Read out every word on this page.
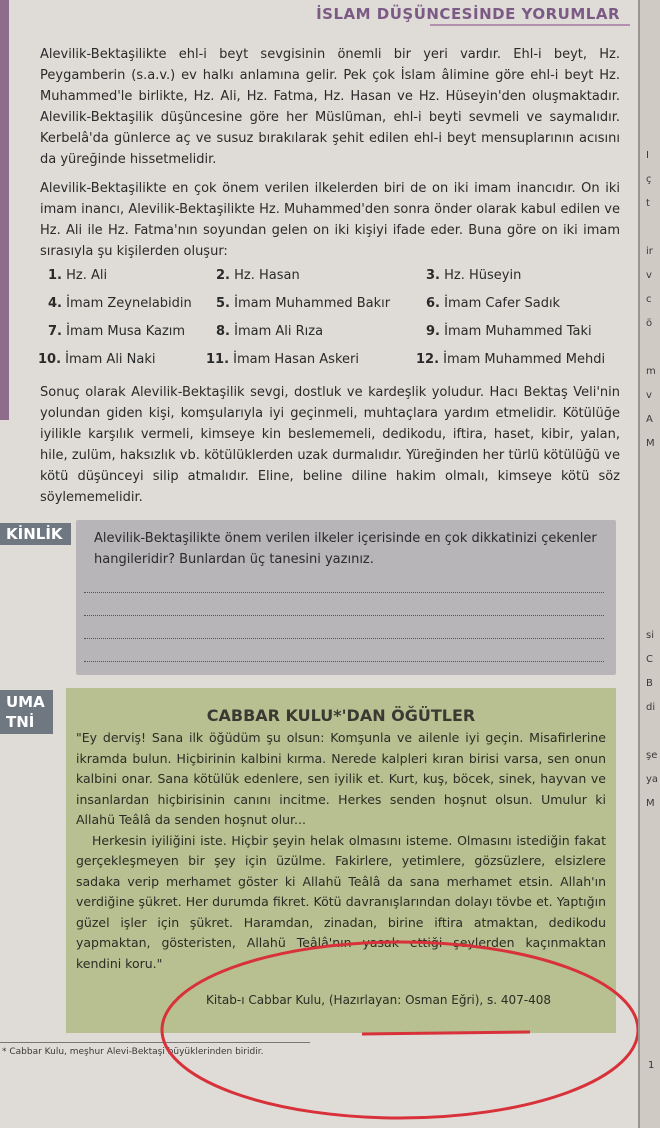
İSLAM DÜŞÜNCESİNDE YORUMLAR

Alevilik-Bektaşilikte ehl-i beyt sevgisinin önemli bir yeri vardır. Ehl-i beyt, Hz. Peygamberin (s.a.v.) ev halkı anlamına gelir. Pek çok İslam âlimine göre ehl-i beyt Hz. Muhammed'le birlikte, Hz. Ali, Hz. Fatma, Hz. Hasan ve Hz. Hüseyin'den oluşmaktadır. Alevilik-Bektaşilik düşüncesine göre her Müslüman, ehl-i beyti sevmeli ve saymalıdır. Kerbelâ'da günlerce aç ve susuz bırakılarak şehit edilen ehl-i beyt mensuplarının acısını da yüreğinde hissetmelidir.

Alevilik-Bektaşilikte en çok önem verilen ilkelerden biri de on iki imam inancıdır. On iki imam inancı, Alevilik-Bektaşilikte Hz. Muhammed'den sonra önder olarak kabul edilen ve Hz. Ali ile Hz. Fatma'nın soyundan gelen on iki kişiyi ifade eder. Buna göre on iki imam sırasıyla şu kişilerden oluşur:

1. Hz. Ali	2. Hz. Hasan	3. Hz. Hüseyin
4. İmam Zeynelabidin 5. İmam Muhammed Bakır	6. İmam Cafer Sadık
7. İmam Musa Kazım 8. İmam Ali Rıza	9. İmam Muhammed Taki
10. İmam Ali Naki	11. İmam Hasan Askeri	12. İmam Muhammed Mehdi

Sonuç olarak Alevilik-Bektaşilik sevgi, dostluk ve kardeşlik yoludur. Hacı Bektaş Veli'nin yolundan giden kişi, komşularıyla iyi geçinmeli, muhtaçlara yardım etmelidir. Kötülüğe iyilikle karşılık vermeli, kimseye kin beslememeli, dedikodu, iftira, haset, kibir, yalan, hile, zulüm, haksızlık vb. kötülüklerden uzak durmalıdır. Yüreğinden her türlü kötülüğü ve kötü düşünceyi silip atmalıdır. Eline, beline diline hakim olmalı, kimseye kötü söz söylememelidir.

KİNLİK	Alevilik-Bektaşilikte önem verilen ilkeler içerisinde en çok dikkatinizi çekenler hangileridir? Bunlardan üç tanesini yazınız.
UMA
TNİ	CABBAR KULU*'DAN ÖĞÜTLER
"Ey derviş! Sana ilk öğüdüm şu olsun: Komşunla ve ailenle iyi geçin. Misafirlerine ikramda bulun. Hiçbirinin kalbini kırma. Nerede kalpleri kıran birisi varsa, sen onun kalbini onar. Sana kötülük edenlere, sen iyilik et. Kurt, kuş, böcek, sinek, hayvan ve insanlardan hiçbirisinin canını incitme. Herkes senden hoşnut olsun. Umulur ki Allahü Teâlâ da senden hoşnut olur...
Herkesin iyiliğini iste. Hiçbir şeyin helak olmasını isteme. Olmasını istediğin fakat gerçekleşmeyen bir şey için üzülme. Fakirlere, yetimlere, gözsüzlere, elsizlere sadaka verip merhamet göster ki Allahü Teâlâ da sana merhamet etsin. Allah'ın verdiğine şükret. Her durumda fikret. Kötü davranışlarından dolayı tövbe et. Yaptığın güzel işler için şükret. Haramdan, zinadan, birine iftira atmaktan, dedikodu yapmaktan, gösteristen, Allahü Teâlâ'nın yasak ettiği şeylerden kaçınmaktan kendini koru."
Kitab-ı Cabbar Kulu, (Hazırlayan: Osman Eğri), s. 407-408
* Cabbar Kulu, meşhur Alevi-Bektaşi büyüklerinden biridir.
I
ç
t
ir
v
c
ö
m
v
A
M
si
C
B
di
şe
ya
M
1
